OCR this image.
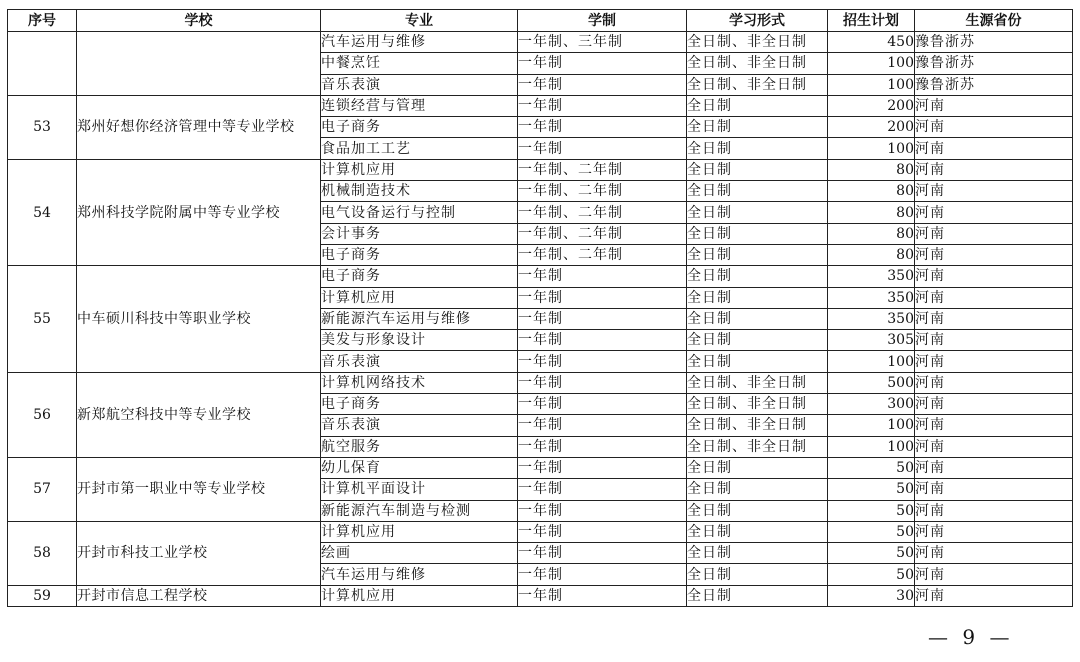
序号	学校	专业	学制	学习形式	招生计划	生源省份
		汽车运用与维修	一年制、三年制	全日制、非全日制	450	豫鲁浙苏
		中餐烹饪	一年制	全日制、非全日制	100	豫鲁浙苏
		音乐表演	一年制	全日制、非全日制	100	豫鲁浙苏
53	郑州好想你经济管理中等专业学校	连锁经营与管理	一年制	全日制	200	河南
		电子商务	一年制	全日制	200	河南
		食品加工工艺	一年制	全日制	100	河南
54	郑州科技学院附属中等专业学校	计算机应用	一年制、二年制	全日制	80	河南
		机械制造技术	一年制、二年制	全日制	80	河南
		电气设备运行与控制	一年制、二年制	全日制	80	河南
		会计事务	一年制、二年制	全日制	80	河南
		电子商务	一年制、二年制	全日制	80	河南
55	中车硕川科技中等职业学校	电子商务	一年制	全日制	350	河南
		计算机应用	一年制	全日制	350	河南
		新能源汽车运用与维修	一年制	全日制	350	河南
		美发与形象设计	一年制	全日制	305	河南
		音乐表演	一年制	全日制	100	河南
56	新郑航空科技中等专业学校	计算机网络技术	一年制	全日制、非全日制	500	河南
		电子商务	一年制	全日制、非全日制	300	河南
		音乐表演	一年制	全日制、非全日制	100	河南
		航空服务	一年制	全日制、非全日制	100	河南
57	开封市第一职业中等专业学校	幼儿保育	一年制	全日制	50	河南
		计算机平面设计	一年制	全日制	50	河南
		新能源汽车制造与检测	一年制	全日制	50	河南
58	开封市科技工业学校	计算机应用	一年制	全日制	50	河南
		绘画	一年制	全日制	50	河南
		汽车运用与维修	一年制	全日制	50	河南
59	开封市信息工程学校	计算机应用	一年制	全日制	30	河南
— 9 —
